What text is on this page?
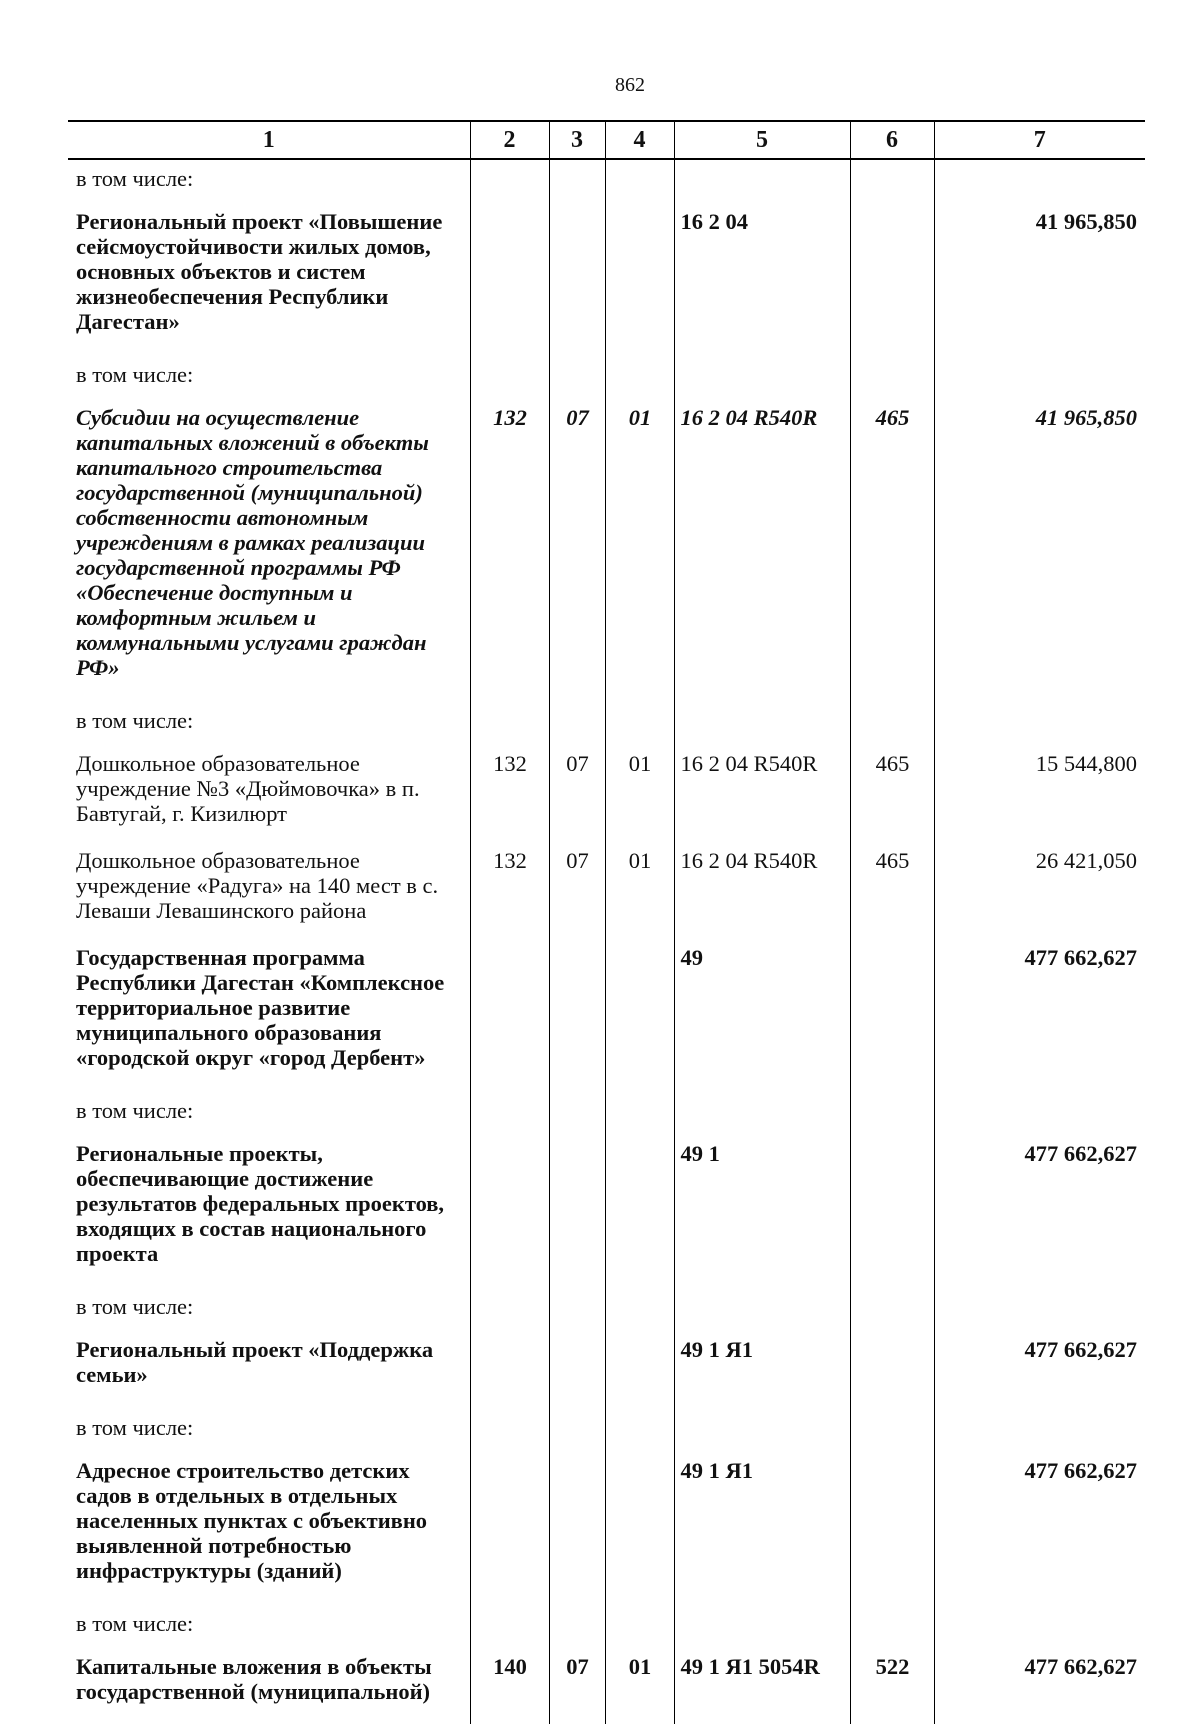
862
1	2	3	4	5	6	7
в том числе:						
Региональный проект «Повышение сейсмоустойчивости жилых домов, основных объектов и систем жизнеобеспечения Республики Дагестан»				16 2 04		41 965,850
в том числе:						
Субсидии на осуществление капитальных вложений в объекты капитального строительства государственной (муниципальной) собственности автономным учреждениям в рамках реализации государственной программы РФ «Обеспечение доступным и комфортным жильем и коммунальными услугами граждан РФ»	132	07	01	16 2 04 R540R	465	41 965,850
в том числе:						
Дошкольное образовательное учреждение №3 «Дюймовочка» в п. Бавтугай, г. Кизилюрт	132	07	01	16 2 04 R540R	465	15 544,800
Дошкольное образовательное учреждение «Радуга» на 140 мест в с. Леваши Левашинского района	132	07	01	16 2 04 R540R	465	26 421,050
Государственная программа Республики Дагестан «Комплексное территориальное развитие муниципального образования «городской округ «город Дербент»				49		477 662,627
в том числе:						
Региональные проекты, обеспечивающие достижение результатов федеральных проектов, входящих в состав национального проекта				49 1		477 662,627
в том числе:						
Региональный проект «Поддержка семьи»				49 1 Я1		477 662,627
в том числе:						
Адресное строительство детских садов в отдельных в отдельных населенных пунктах с объективно выявленной потребностью инфраструктуры (зданий)				49 1 Я1		477 662,627
в том числе:						
Капитальные вложения в объекты государственной (муниципальной)	140	07	01	49 1 Я1 5054R	522	477 662,627
